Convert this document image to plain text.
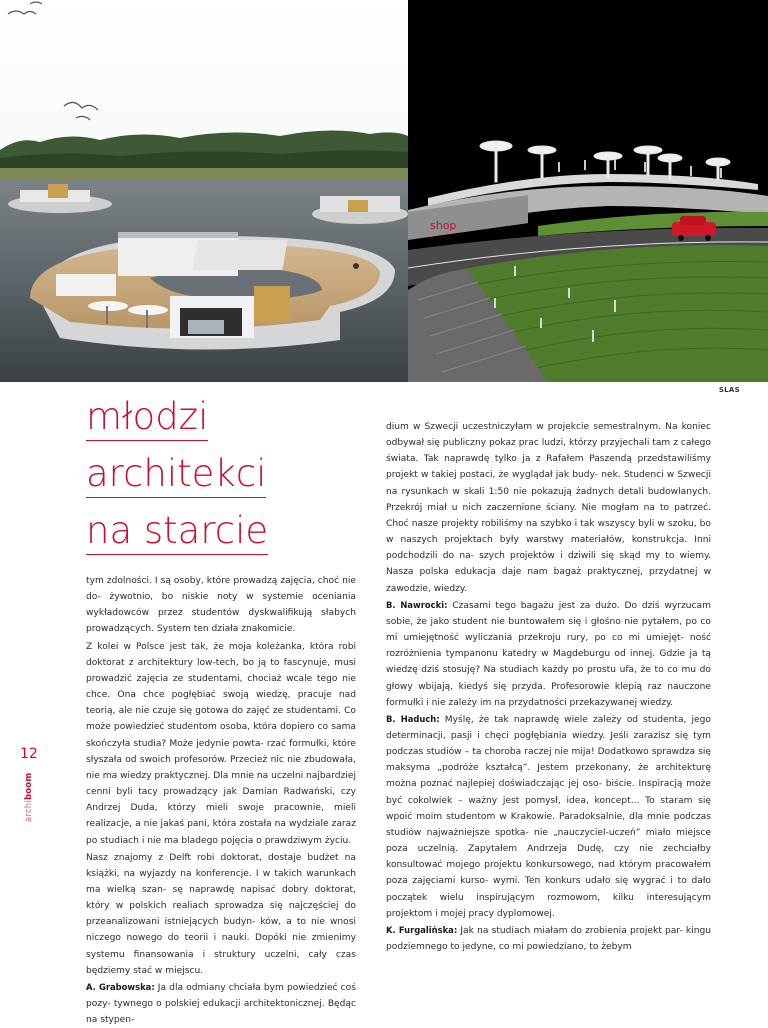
shop
SLAS
młodzi
architekci
na starcie
12
archiboom

tym zdolności. I są osoby, które prowadzą zajęcia, choć nie do- żywotnio, bo niskie noty w systemie oceniania wykładowców przez studentów dyskwalifikują słabych prowadzących. System ten działa znakomicie.

Z kolei w Polsce jest tak, że moja koleżanka, która robi doktorat z architektury low-tech, bo ją to fascynuje, musi prowadzić zajęcia ze studentami, chociaż wcale tego nie chce. Ona chce pogłębiać swoją wiedzę, pracuje nad teorią, ale nie czuje się gotowa do zajęć ze studentami. Co może powiedzieć studentom osoba, która dopiero co sama skończyła studia? Może jedynie powta- rzać formułki, które słyszała od swoich profesorów. Przecież nic nie zbudowała, nie ma wiedzy praktycznej. Dla mnie na uczelni najbardziej cenni byli tacy prowadzący jak Damian Radwański, czy Andrzej Duda, którzy mieli swoje pracownie, mieli realizacje, a nie jakaś pani, która została na wydziale zaraz po studiach i nie ma bladego pojęcia o prawdziwym życiu.

Nasz znajomy z Delft robi doktorat, dostaje budżet na książki, na wyjazdy na konferencje. I w takich warunkach ma wielką szan- sę naprawdę napisać dobry doktorat, który w polskich realiach sprowadza się najczęściej do przeanalizowani istniejących budyn- ków, a to nie wnosi niczego nowego do teorii i nauki. Dopóki nie zmienimy systemu finansowania i struktury uczelni, cały czas będziemy stać w miejscu.

A. Grabowska: Ja dla odmiany chciała bym powiedzieć coś pozy- tywnego o polskiej edukacji architektonicznej. Będąc na stypen-

dium w Szwecji uczestniczyłam w projekcie semestralnym. Na koniec odbywał się publiczny pokaz prac ludzi, którzy przyjechali tam z całego świata. Tak naprawdę tylko ja z Rafałem Paszendą przedstawiliśmy projekt w takiej postaci, że wyglądał jak budy- nek. Studenci w Szwecji na rysunkach w skali 1:50 nie pokazują żadnych detali budowlanych. Przekrój miał u nich zaczernione ściany. Nie mogłam na to patrzeć. Choć nasze projekty robiliśmy na szybko i tak wszyscy byli w szoku, bo w naszych projektach były warstwy materiałów, konstrukcja. Inni podchodzili do na- szych projektów i dziwili się skąd my to wiemy. Nasza polska edukacja daje nam bagaż praktycznej, przydatnej w zawodzie, wiedzy.

B. Nawrocki: Czasami tego bagażu jest za dużo. Do dziś wyrzucam sobie, że jako student nie buntowałem się i głośno nie pytałem, po co mi umiejętność wyliczania przekroju rury, po co mi umiejęt- ność rozróżnienia tympanonu katedry w Magdeburgu od innej. Gdzie ja tą wiedzę dziś stosuję? Na studiach każdy po prostu ufa, że to co mu do głowy wbijają, kiedyś się przyda. Profesorowie klepią raz nauczone formułki i nie zależy im na przydatności przekazywanej wiedzy.

B. Haduch: Myślę, że tak naprawdę wiele zależy od studenta, jego determinacji, pasji i chęci pogłębiania wiedzy. Jeśli zarazisz się tym podczas studiów – ta choroba raczej nie mija! Dodatkowo sprawdza się maksyma „podróże kształcą”. Jestem przekonany, że architekturę można poznać najlepiej doświadczając jej oso- biście. Inspiracją może być cokolwiek – ważny jest pomysł, idea, koncept... To staram się wpoić moim studentom w Krakowie. Paradoksalnie, dla mnie podczas studiów najważniejsze spotka- nie „nauczyciel-uczeń” miało miejsce poza uczelnią. Zapytałem Andrzeja Dudę, czy nie zechciałby konsultować mojego projektu konkursowego, nad którym pracowałem poza zajęciami kurso- wymi. Ten konkurs udało się wygrać i to dało początek wielu inspirującym rozmowom, kilku interesującym projektom i mojej pracy dyplomowej.

K. Furgalińska: Jak na studiach miałam do zrobienia projekt par- kingu podziemnego to jedyne, co mi powiedziano, to żebym
